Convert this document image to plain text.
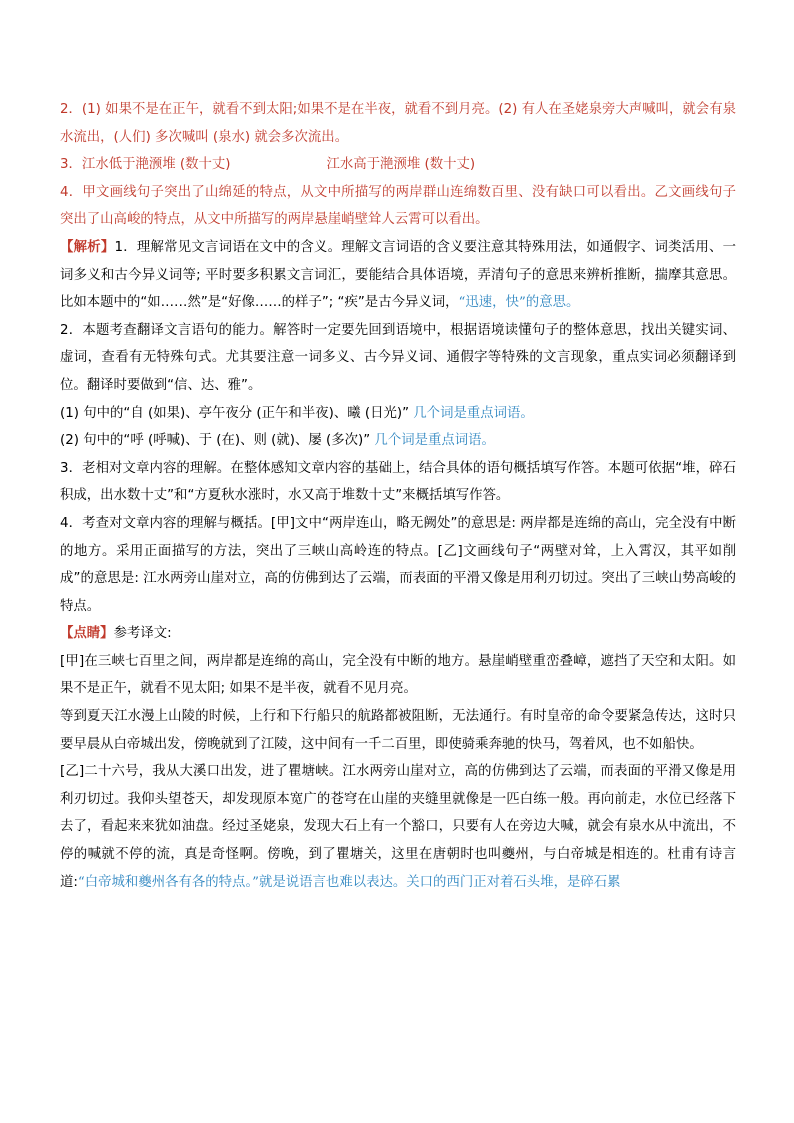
2．(1) 如果不是在正午，就看不到太阳;如果不是在半夜，就看不到月亮。(2) 有人在圣姥泉旁大声喊叫，就会有泉水流出，(人们) 多次喊叫 (泉水) 就会多次流出。

3．江水低于滟滪堆 (数十丈)	江水高于滟滪堆 (数十丈)

4．甲文画线句子突出了山绵延的特点，从文中所描写的两岸群山连绵数百里、没有缺口可以看出。乙文画线句子突出了山高峻的特点，从文中所描写的两岸悬崖峭壁耸人云霄可以看出。

【解析】1．理解常见文言词语在文中的含义。理解文言词语的含义要注意其特殊用法，如通假字、词类活用、一词多义和古今异义词等; 平时要多积累文言词汇，要能结合具体语境，弄清句子的意思来辨析推断，揣摩其意思。比如本题中的“如……然”是“好像……的样子”; “疾”是古今异义词，“迅速，快”的意思。

2．本题考查翻译文言语句的能力。解答时一定要先回到语境中，根据语境读懂句子的整体意思，找出关键实词、虚词，查看有无特殊句式。尤其要注意一词多义、古今异义词、通假字等特殊的文言现象，重点实词必须翻译到位。翻译时要做到“信、达、雅”。

(1) 句中的“自 (如果)、亭午夜分 (正午和半夜)、曦 (日光)” 几个词是重点词语。

(2) 句中的“呼 (呼喊)、于 (在)、则 (就)、屡 (多次)” 几个词是重点词语。

3．老相对文章内容的理解。在整体感知文章内容的基础上，结合具体的语句概括填写作答。本题可依据“堆，碎石积成，出水数十丈”和“方夏秋水涨时，水又高于堆数十丈”来概括填写作答。

4．考查对文章内容的理解与概括。[甲]文中“两岸连山，略无阙处”的意思是: 两岸都是连绵的高山，完全没有中断的地方。采用正面描写的方法，突出了三峡山高岭连的特点。[乙]文画线句子“两壁对耸，上入霄汉，其平如削成”的意思是: 江水两旁山崖对立，高的仿佛到达了云端，而表面的平滑又像是用利刃切过。突出了三峡山势高峻的特点。

【点睛】参考译文:

[甲]在三峡七百里之间，两岸都是连绵的高山，完全没有中断的地方。悬崖峭壁重峦叠嶂，遮挡了天空和太阳。如果不是正午，就看不见太阳; 如果不是半夜，就看不见月亮。

等到夏天江水漫上山陵的时候，上行和下行船只的航路都被阻断，无法通行。有时皇帝的命令要紧急传达，这时只要早晨从白帝城出发，傍晚就到了江陵，这中间有一千二百里，即使骑乘奔驰的快马，驾着风，也不如船快。

[乙]二十六号，我从大溪口出发，进了瞿塘峡。江水两旁山崖对立，高的仿佛到达了云端，而表面的平滑又像是用利刃切过。我仰头望苍天，却发现原本宽广的苍穹在山崖的夹缝里就像是一匹白练一般。再向前走，水位已经落下去了，看起来来犹如油盘。经过圣姥泉，发现大石上有一个豁口，只要有人在旁边大喊，就会有泉水从中流出，不停的喊就不停的流，真是奇怪啊。傍晚，到了瞿塘关，这里在唐朝时也叫夔州，与白帝城是相连的。杜甫有诗言道:“白帝城和夔州各有各的特点。”就是说语言也难以表达。关口的西门正对着石头堆，是碎石累
